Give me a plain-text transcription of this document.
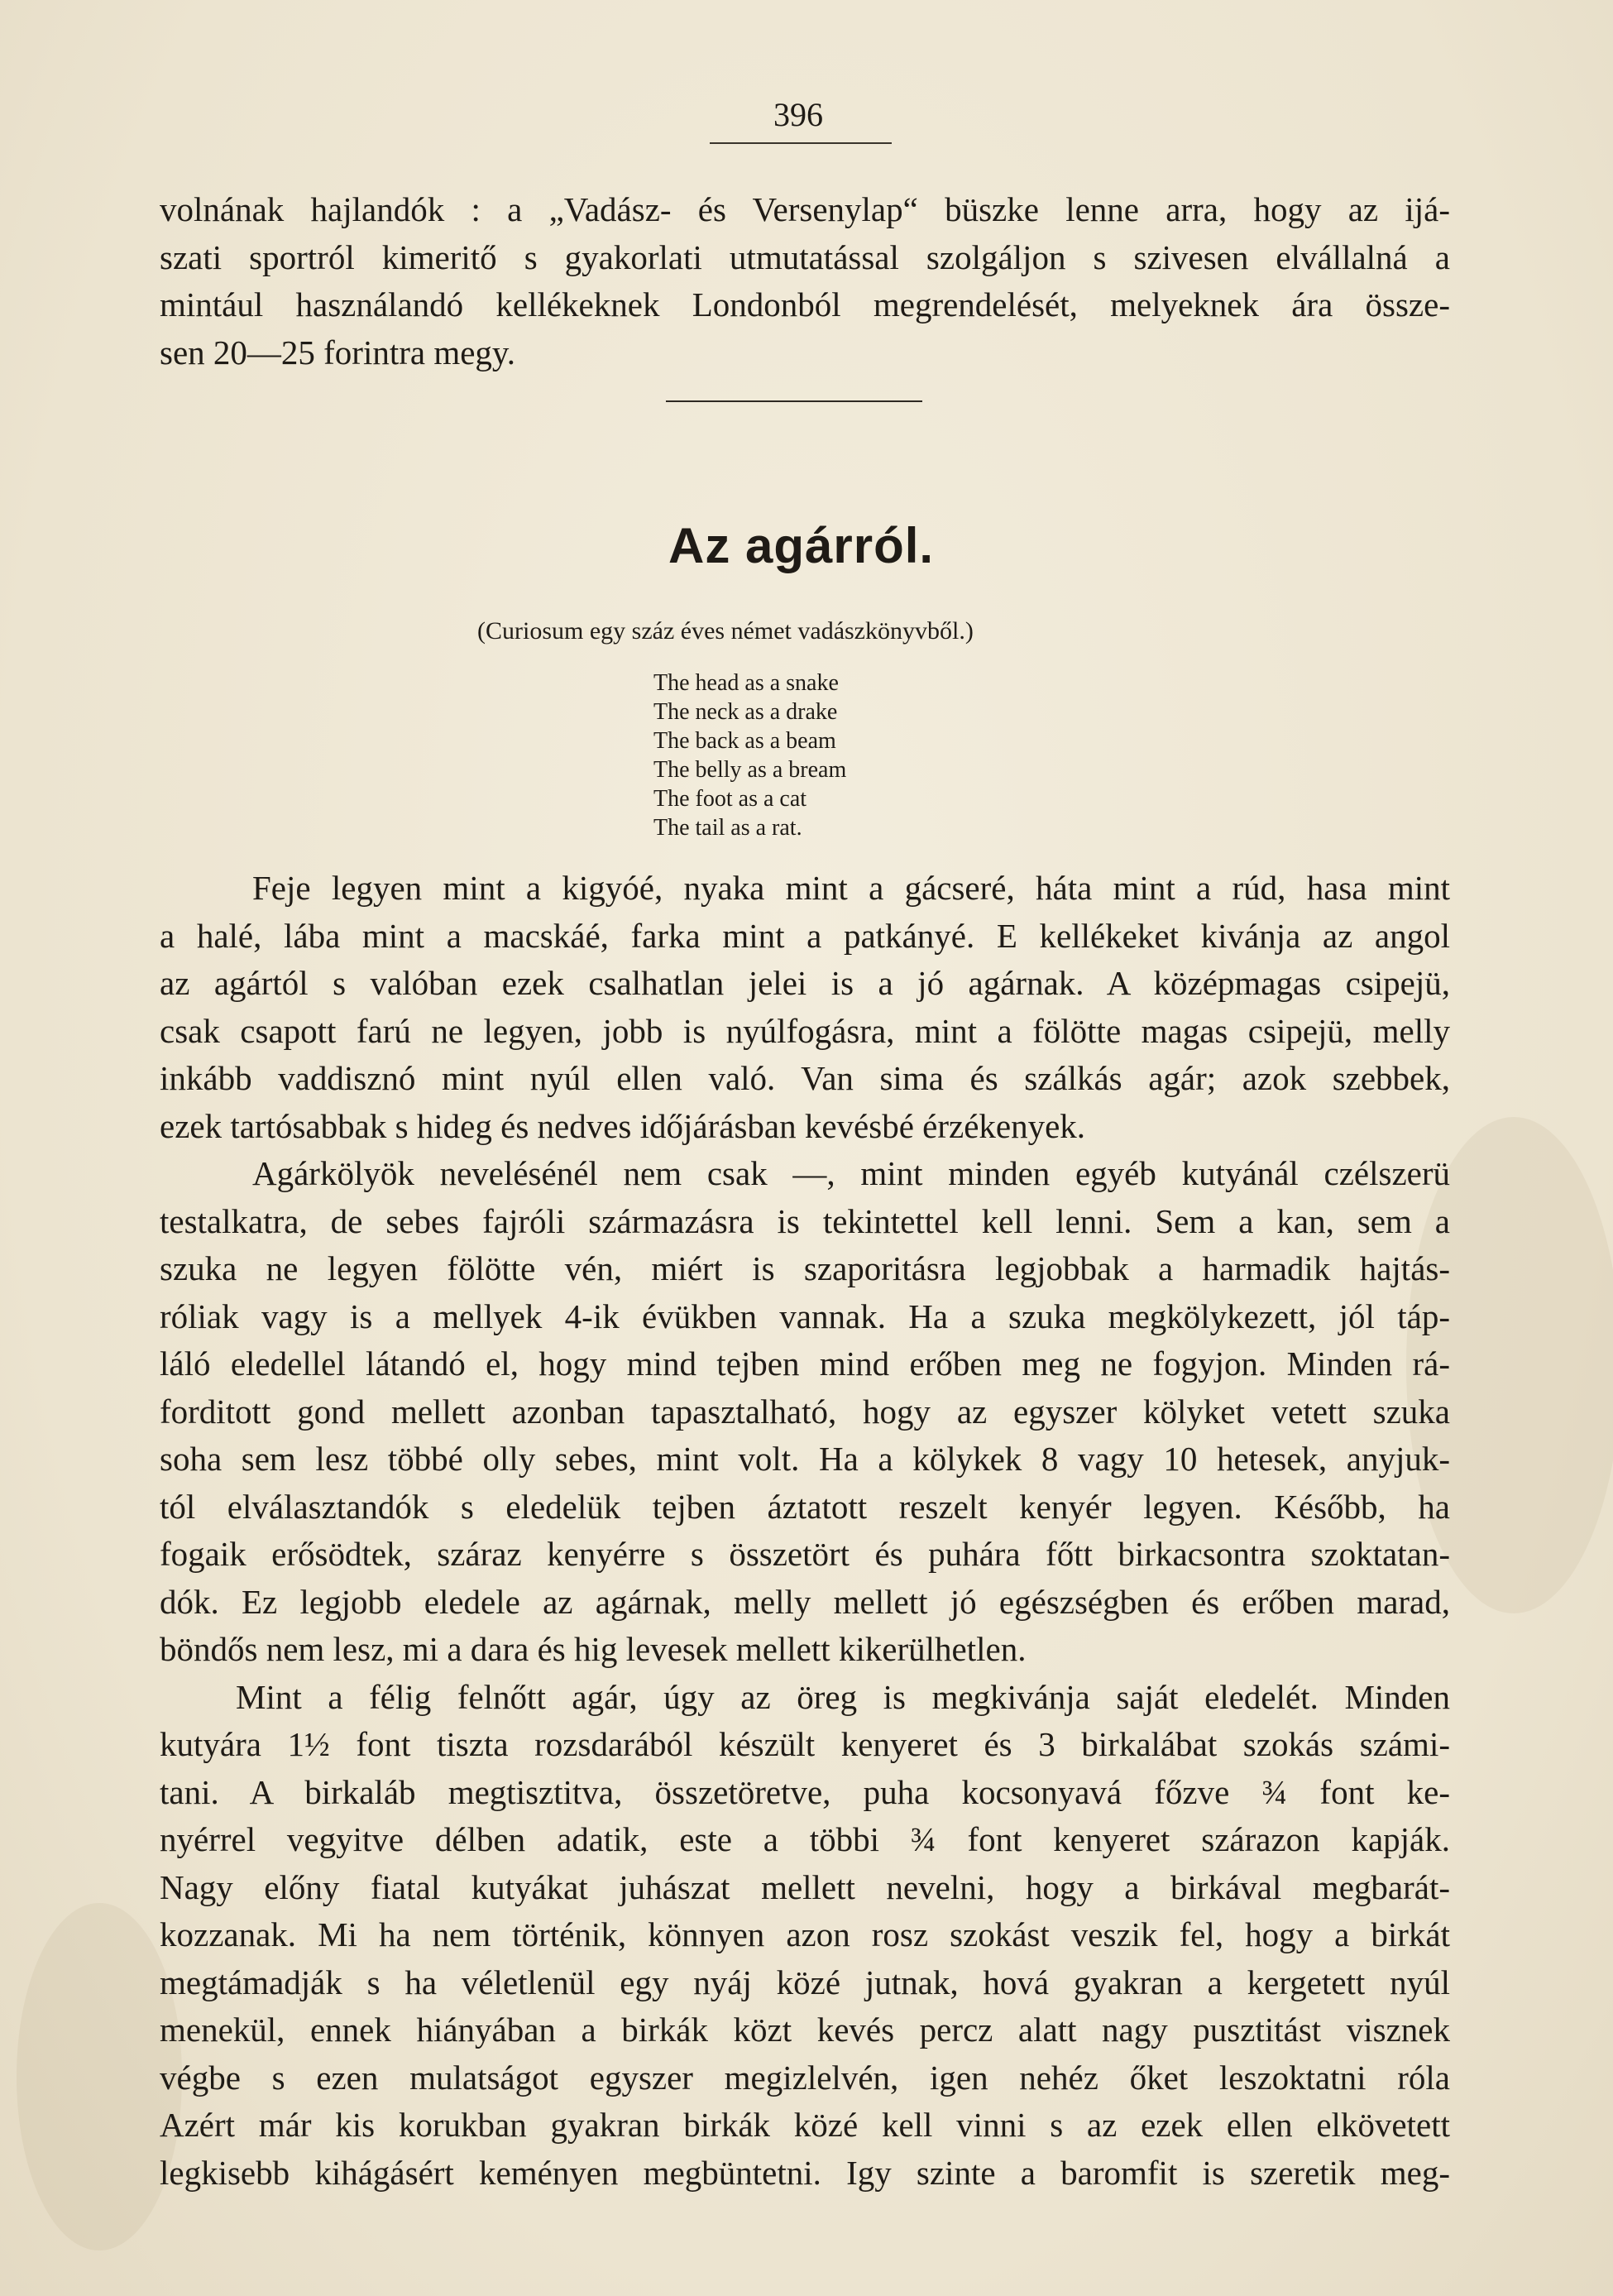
396
volnának hajlandók : a „Vadász- és Versenylap“ büszke lenne arra, hogy az ijá-
szati sportról kimeritő s gyakorlati utmutatással szolgáljon s szivesen elvállalná a
mintául használandó kellékeknek Londonból megrendelését, melyeknek ára össze-
sen 20—25 forintra megy.
Az agárról.
(Curiosum egy száz éves német vadászkönyvből.)
The head as a snake
The neck as a drake
The back as a beam
The belly as a bream
The foot as a cat
The tail as a rat.
Feje legyen mint a kigyóé, nyaka mint a gácseré, háta mint a rúd, hasa mint
a halé, lába mint a macskáé, farka mint a patkányé. E kellékeket kivánja az angol
az agártól s valóban ezek csalhatlan jelei is a jó agárnak. A középmagas csipejü,
csak csapott farú ne legyen, jobb is nyúlfogásra, mint a fölötte magas csipejü, melly
inkább vaddisznó mint nyúl ellen való. Van sima és szálkás agár; azok szebbek,
ezek tartósabbak s hideg és nedves időjárásban kevésbé érzékenyek.
Agárkölyök nevelésénél nem csak —, mint minden egyéb kutyánál czélszerü
testalkatra, de sebes fajróli származásra is tekintettel kell lenni. Sem a kan, sem a
szuka ne legyen fölötte vén, miért is szaporitásra legjobbak a harmadik hajtás-
róliak vagy is a mellyek 4-ik évükben vannak. Ha a szuka megkölykezett, jól táp-
láló eledellel látandó el, hogy mind tejben mind erőben meg ne fogyjon. Minden rá-
forditott gond mellett azonban tapasztalható, hogy az egyszer kölyket vetett szuka
soha sem lesz többé olly sebes, mint volt. Ha a kölykek 8 vagy 10 hetesek, anyjuk-
tól elválasztandók s eledelük tejben áztatott reszelt kenyér legyen. Később, ha
fogaik erősödtek, száraz kenyérre s összetört és puhára főtt birkacsontra szoktatan-
dók. Ez legjobb eledele az agárnak, melly mellett jó egészségben és erőben marad,
böndős nem lesz, mi a dara és hig levesek mellett kikerülhetlen.
Mint a félig felnőtt agár, úgy az öreg is megkivánja saját eledelét. Minden
kutyára 1½ font tiszta rozsdarából készült kenyeret és 3 birkalábat szokás számi-
tani. A birkaláb megtisztitva, összetöretve, puha kocsonyavá főzve ¾ font ke-
nyérrel vegyitve délben adatik, este a többi ¾ font kenyeret szárazon kapják.
Nagy előny fiatal kutyákat juhászat mellett nevelni, hogy a birkával megbarát-
kozzanak. Mi ha nem történik, könnyen azon rosz szokást veszik fel, hogy a birkát
megtámadják s ha véletlenül egy nyáj közé jutnak, hová gyakran a kergetett nyúl
menekül, ennek hiányában a birkák közt kevés percz alatt nagy pusztitást visznek
végbe s ezen mulatságot egyszer megizlelvén, igen nehéz őket leszoktatni róla
Azért már kis korukban gyakran birkák közé kell vinni s az ezek ellen elkövetett
legkisebb kihágásért keményen megbüntetni. Igy szinte a baromfit is szeretik meg-
